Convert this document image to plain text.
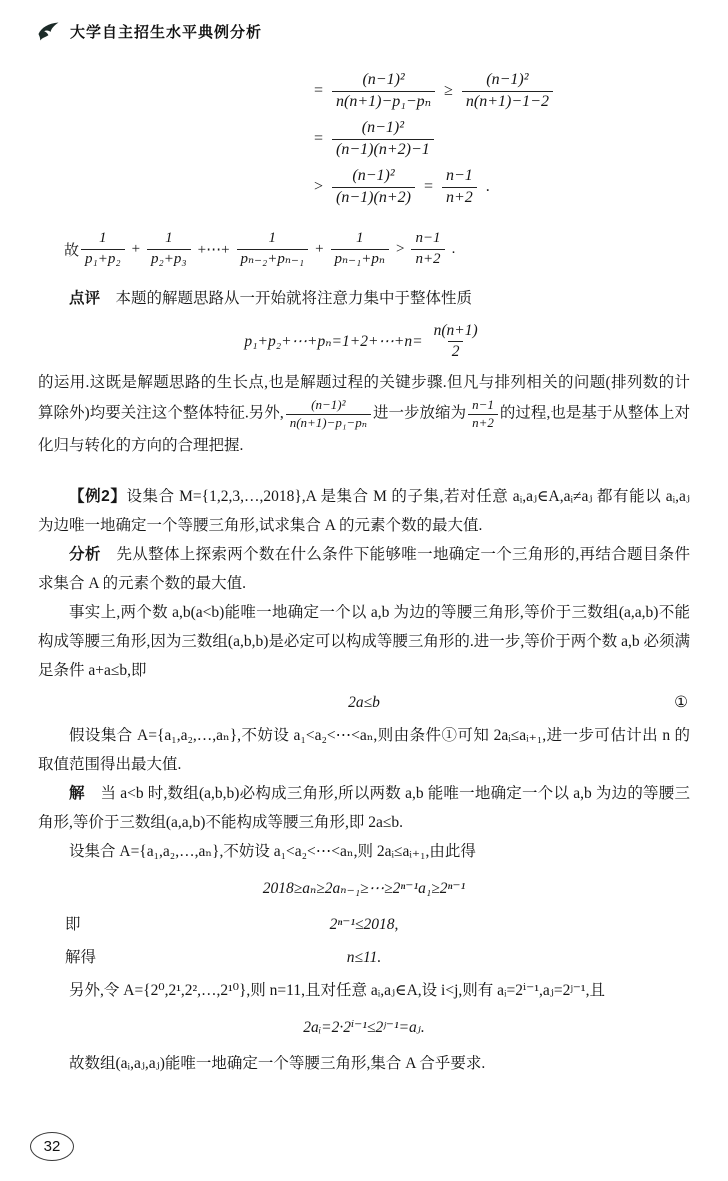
大学自主招生水平典例分析
= $\frac{\text{(n−1)²}}{\text{n(n+1)−p₁−pₙ}} \ge \frac{\text{(n−1)²}}{n(n+1)-1-2}$
= $\frac{\text{(n−1)²}}{(n-1)(n+2)-1}$
> $\frac{\text{(n−1)²}}{(n-1)(n+2)} = \frac{n-1}{n+2}$ .
故 $\frac{1}{\text{p₁+p₂}} + \frac{1}{\text{p₂+p₃}}$ +⋯+ $\frac{1}{\text{pₙ₋₂+pₙ₋₁}} + \frac{1}{\text{pₙ₋₁+pₙ}} > \frac{n-1}{n+2}$ .

点评　本题的解题思路从一开始就将注意力集中于整体性质

p₁+p₂+⋯+pₙ=1+2+⋯+n= $\frac{n(n+1)}{2}$

的运用.这既是解题思路的生长点,也是解题过程的关键步骤.但凡与排列相关的问题(排列数的计算除外)均要关注这个整体特征.另外, $\frac{\text{(n−1)²}}{\text{n(n+1)−p₁−pₙ}}$ 进一步放缩为 $\frac{n-1}{n+2}$ 的过程,也是基于从整体上对化归与转化的方向的合理把握.

【例2】设集合 M={1,2,3,…,2018},A 是集合 M 的子集,若对任意 aᵢ,aⱼ∈A,aᵢ≠aⱼ 都有能以 aᵢ,aⱼ 为边唯一地确定一个等腰三角形,试求集合 A 的元素个数的最大值.

分析　先从整体上探索两个数在什么条件下能够唯一地确定一个三角形的,再结合题目条件求集合 A 的元素个数的最大值.

事实上,两个数 a,b(a<b)能唯一地确定一个以 a,b 为边的等腰三角形,等价于三数组(a,a,b)不能构成等腰三角形,因为三数组(a,b,b)是必定可以构成等腰三角形的.进一步,等价于两个数 a,b 必须满足条件 a+a≤b,即

2a≤b	①

假设集合 A={a₁,a₂,…,aₙ},不妨设 a₁<a₂<⋯<aₙ,则由条件①可知 2aᵢ≤aᵢ₊₁,进一步可估计出 n 的取值范围得出最大值.

解　当 a<b 时,数组(a,b,b)必构成三角形,所以两数 a,b 能唯一地确定一个以 a,b 为边的等腰三角形,等价于三数组(a,a,b)不能构成等腰三角形,即 2a≤b.

设集合 A={a₁,a₂,…,aₙ},不妨设 a₁<a₂<⋯<aₙ,则 2aᵢ≤aᵢ₊₁,由此得

2018≥aₙ≥2aₙ₋₁≥⋯≥2ⁿ⁻¹a₁≥2ⁿ⁻¹
即	2ⁿ⁻¹≤2018,
解得	n≤11.

另外,令 A={2⁰,2¹,2²,…,2¹⁰},则 n=11,且对任意 aᵢ,aⱼ∈A,设 i<j,则有 aᵢ=2ⁱ⁻¹,aⱼ=2ʲ⁻¹,且

2aᵢ=2·2ⁱ⁻¹≤2ʲ⁻¹=aⱼ.

故数组(aᵢ,aⱼ,aⱼ)能唯一地确定一个等腰三角形,集合 A 合乎要求.

32
